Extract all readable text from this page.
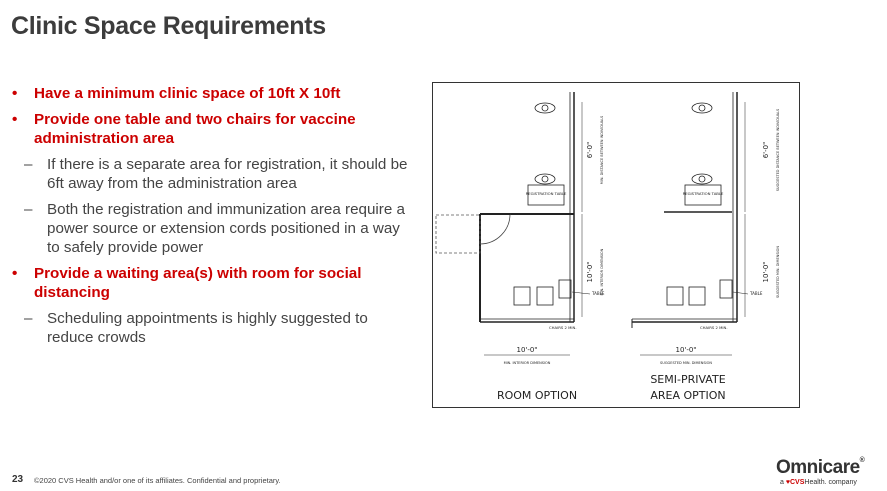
Clinic Space Requirements
• Have a minimum clinic space of 10ft X 10ft
• Provide one table and two chairs for vaccine administration area
– If there is a separate area for registration, it should be 6ft away from the administration area
– Both the registration and immunization area require a power source or extension cords positioned in a way to safely provide power
• Provide a waiting area(s) with room for social distancing
– Scheduling appointments is highly suggested to reduce crowds
REGISTRATION TABLE
TABLE
CHAIRS 2 MIN.
6'-0" MIN. DISTANCE BETWEEN INDIVIDUALS
10'-0" MIN. INTERIOR DIMENSION
10'-0"
MIN. INTERIOR DIMENSION
ROOM OPTION
REGISTRATION TABLE
TABLE
CHAIRS 2 MIN.
6'-0" SUGGESTED DISTANCE BETWEEN INDIVIDUALS
10'-0" SUGGESTED MIN. DIMENSION
10'-0"
SUGGESTED MIN. DIMENSION
SEMI-PRIVATE
AREA OPTION
23 ©2020 CVS Health and/or one of its affiliates. Confidential and proprietary.
Omnicare®
a ♥CVSHealth. company
